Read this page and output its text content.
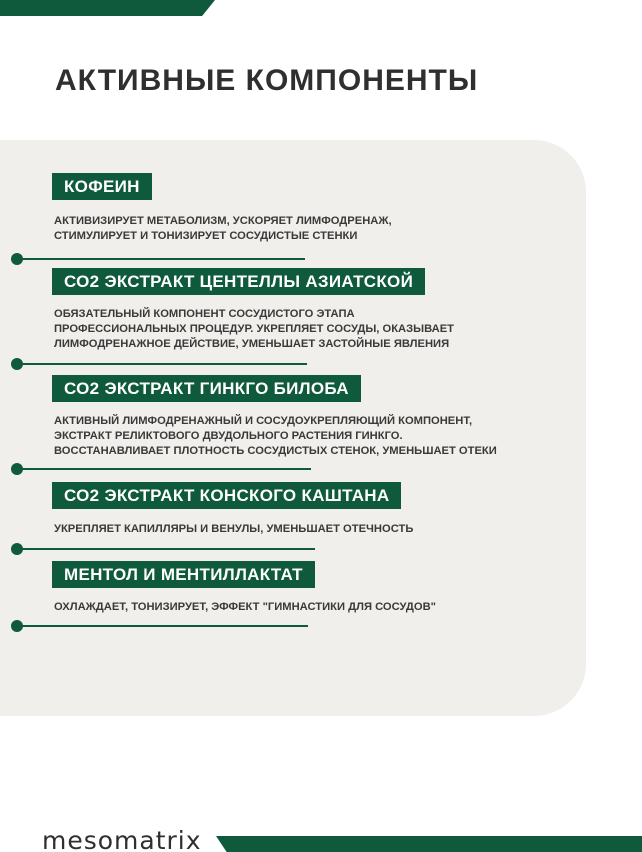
АКТИВНЫЕ КОМПОНЕНТЫ
КОФЕИН
АКТИВИЗИРУЕТ МЕТАБОЛИЗМ, УСКОРЯЕТ ЛИМФОДРЕНАЖ,
СТИМУЛИРУЕТ И ТОНИЗИРУЕТ СОСУДИСТЫЕ СТЕНКИ
СО2 ЭКСТРАКТ ЦЕНТЕЛЛЫ АЗИАТСКОЙ
ОБЯЗАТЕЛЬНЫЙ КОМПОНЕНТ СОСУДИСТОГО ЭТАПА
ПРОФЕССИОНАЛЬНЫХ ПРОЦЕДУР. УКРЕПЛЯЕТ СОСУДЫ, ОКАЗЫВАЕТ
ЛИМФОДРЕНАЖНОЕ ДЕЙСТВИЕ, УМЕНЬШАЕТ ЗАСТОЙНЫЕ ЯВЛЕНИЯ
СО2 ЭКСТРАКТ ГИНКГО БИЛОБА
АКТИВНЫЙ ЛИМФОДРЕНАЖНЫЙ И СОСУДОУКРЕПЛЯЮЩИЙ КОМПОНЕНТ,
ЭКСТРАКТ РЕЛИКТОВОГО ДВУДОЛЬНОГО РАСТЕНИЯ ГИНКГО.
ВОССТАНАВЛИВАЕТ ПЛОТНОСТЬ СОСУДИСТЫХ СТЕНОК, УМЕНЬШАЕТ ОТЕКИ
СО2 ЭКСТРАКТ КОНСКОГО КАШТАНА
УКРЕПЛЯЕТ КАПИЛЛЯРЫ И ВЕНУЛЫ, УМЕНЬШАЕТ ОТЕЧНОСТЬ
МЕНТОЛ И МЕНТИЛЛАКТАТ
ОХЛАЖДАЕТ, ТОНИЗИРУЕТ, ЭФФЕКТ "ГИМНАСТИКИ ДЛЯ СОСУДОВ"
mesomatrix
